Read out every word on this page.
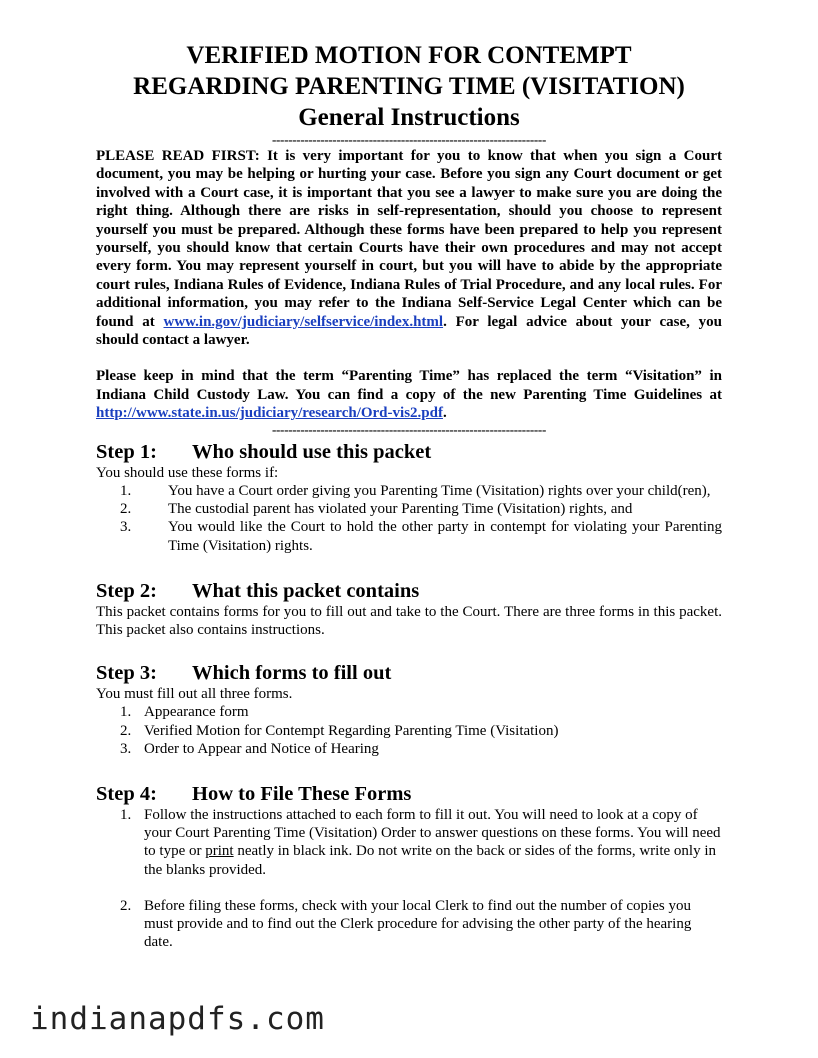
VERIFIED MOTION FOR CONTEMPT
REGARDING PARENTING TIME (VISITATION)
General Instructions
--------------------------------------------------------------------

PLEASE READ FIRST: It is very important for you to know that when you sign a Court document, you may be helping or hurting your case. Before you sign any Court document or get involved with a Court case, it is important that you see a lawyer to make sure you are doing the right thing. Although there are risks in self-representation, should you choose to represent yourself you must be prepared. Although these forms have been prepared to help you represent yourself, you should know that certain Courts have their own procedures and may not accept every form. You may represent yourself in court, but you will have to abide by the appropriate court rules, Indiana Rules of Evidence, Indiana Rules of Trial Procedure, and any local rules. For additional information, you may refer to the Indiana Self-Service Legal Center which can be found at www.in.gov/judiciary/selfservice/index.html. For legal advice about your case, you should contact a lawyer.

Please keep in mind that the term “Parenting Time” has replaced the term “Visitation” in Indiana Child Custody Law. You can find a copy of the new Parenting Time Guidelines at http://www.state.in.us/judiciary/research/Ord-vis2.pdf.

--------------------------------------------------------------------
Step 1:	Who should use this packet

You should use these forms if:

1.	You have a Court order giving you Parenting Time (Visitation) rights over your child(ren),
2.	The custodial parent has violated your Parenting Time (Visitation) rights, and
3.	You would like the Court to hold the other party in contempt for violating your Parenting Time (Visitation) rights.
Step 2:	What this packet contains

This packet contains forms for you to fill out and take to the Court. There are three forms in this packet. This packet also contains instructions.

Step 3:	Which forms to fill out

You must fill out all three forms.

1. Appearance form
2. Verified Motion for Contempt Regarding Parenting Time (Visitation)
3. Order to Appear and Notice of Hearing
Step 4:	How to File These Forms
1. Follow the instructions attached to each form to fill it out. You will need to look at a copy of your Court Parenting Time (Visitation) Order to answer questions on these forms. You will need to type or print neatly in black ink. Do not write on the back or sides of the forms, write only in the blanks provided.
2. Before filing these forms, check with your local Clerk to find out the number of copies you must provide and to find out the Clerk procedure for advising the other party of the hearing date.
indianapdfs.com
